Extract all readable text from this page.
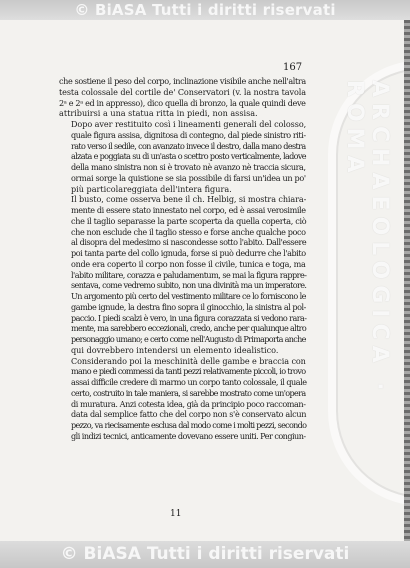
© BiASA Tutti i diritti riservati
ARCHAEOLOGICA · ROMA
167

che sostiene il peso del corpo, inclinazione visibile anche nell'altra
testa colossale del cortile de' Conservatori (v. la nostra tavola
2ᵃ e 2ᵃ ed in appresso), dico quella di bronzo, la quale quindi deve
attribuirsi a una statua ritta in piedi, non assisa.

Dopo aver restituito così i lineamenti generali del colosso,
quale figura assisa, dignitosa di contegno, dal piede sinistro riti-
rato verso il sedile, con avanzato invece il destro, dalla mano destra
alzata e poggiata su di un'asta o scettro posto verticalmente, ladove
della mano sinistra non si è trovato nè avanzo nè traccia sicura,
ormai sorge la quistione se sia possibile di farsi un'idea un po'
più particolareggiata dell'intera figura.

Il busto, come osserva bene il ch. Helbig, si mostra chiara-
mente di essere stato innestato nel corpo, ed è assai verosimile
che il taglio separasse la parte scoperta da quella coperta, ciò
che non esclude che il taglio stesso e forse anche qualche poco
al disopra del medesimo si nascondesse sotto l'abito. Dall'essere
poi tanta parte del collo ignuda, forse si può dedurre che l'abito
onde era coperto il corpo non fosse il civile, tunica e toga, ma
l'abito militare, corazza e paludamentum, se mai la figura rappre-
sentava, come vedremo subito, non una divinità ma un imperatore.
Un argomento più certo del vestimento militare ce lo forniscono le
gambe ignude, la destra fino sopra il ginocchio, la sinistra al pol-
paccio. I piedi scalzi è vero, in una figura corazzata si vedono rara-
mente, ma sarebbero eccezionali, credo, anche per qualunque altro
personaggio umano; e certo come nell'Augusto di Primaporta anche
qui dovrebbero intendersi un elemento idealistico.

Considerando poi la meschinità delle gambe e braccia con
mano e piedi commessi da tanti pezzi relativamente piccoli, io trovo
assai difficile credere di marmo un corpo tanto colossale, il quale
certo, costruito in tale maniera, si sarebbe mostrato come un'opera
di muratura. Anzi cotesta idea, già da principio poco raccoman-
data dal semplice fatto che del corpo non s'è conservato alcun
pezzo, va riecisamente esclusa dal modo come i molti pezzi, secondo
gli indizi tecnici, anticamente dovevano essere uniti. Per congiun-

11
© BiASA Tutti i diritti riservati
